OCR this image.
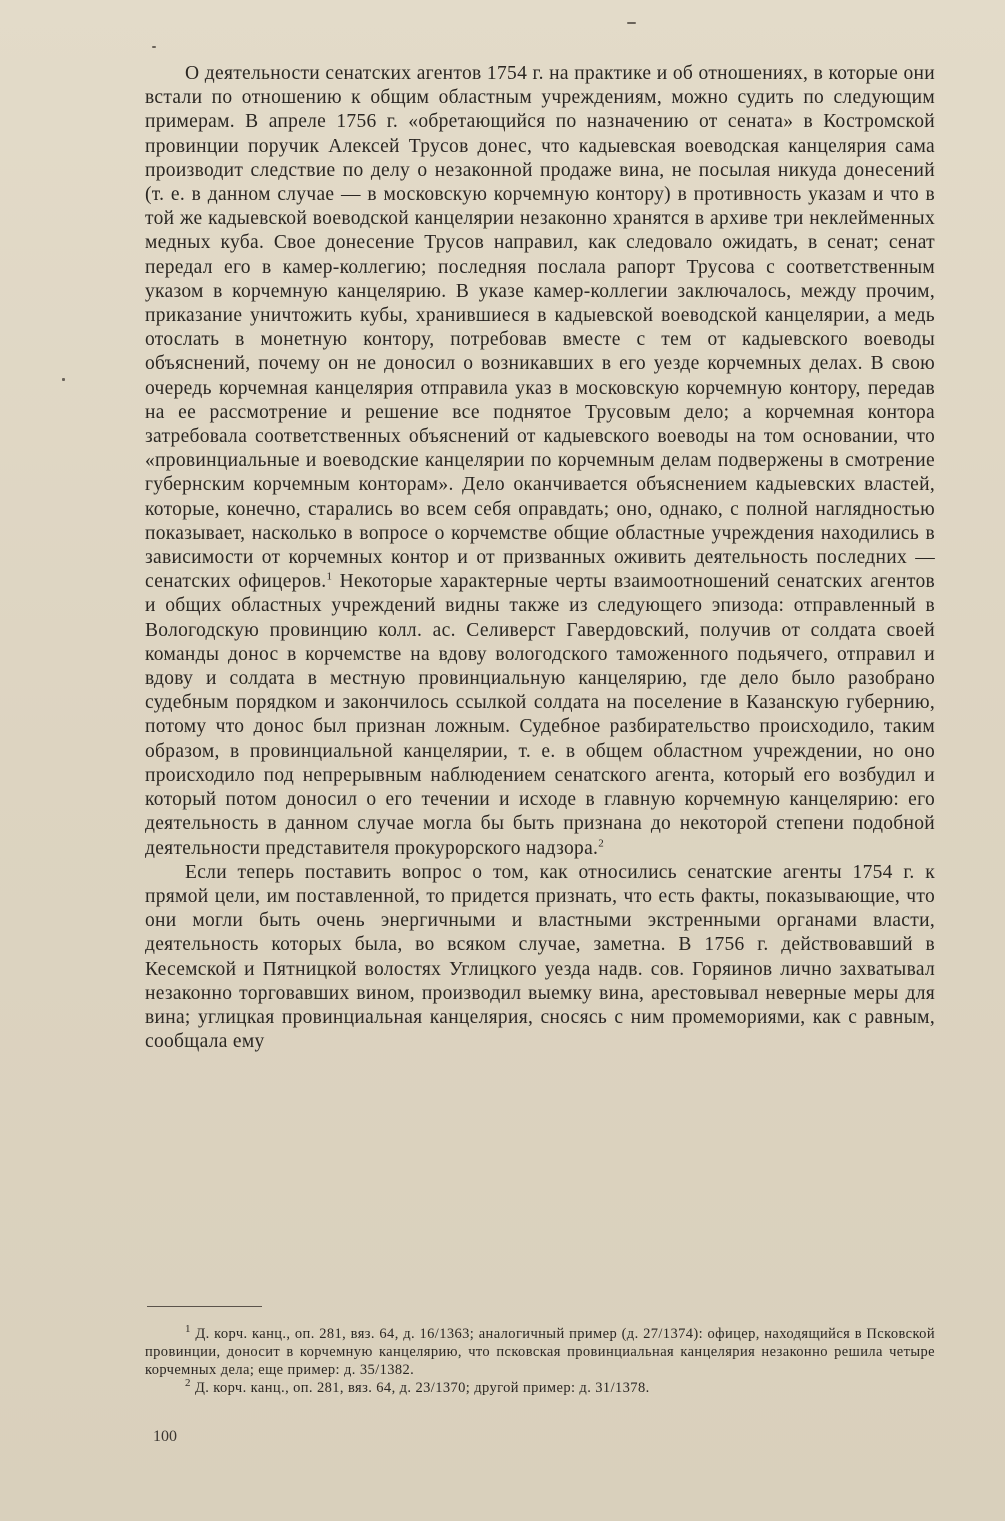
О деятельности сенатских агентов 1754 г. на практике и об отношениях, в которые они встали по отношению к общим областным учреждениям, можно судить по следующим примерам. В апреле 1756 г. «обретающийся по назначению от сената» в Костромской провинции поручик Алексей Трусов донес, что кадыевская воеводская канцелярия сама производит следствие по делу о незаконной продаже вина, не посылая никуда донесений (т. е. в данном случае — в московскую корчемную контору) в противность указам и что в той же кадыевской воеводской канцелярии незаконно хранятся в архиве три неклейменных медных куба. Свое донесение Трусов направил, как следовало ожидать, в сенат; сенат передал его в камер-коллегию; последняя послала рапорт Трусова с соответственным указом в корчемную канцелярию. В указе камер-коллегии заключалось, между прочим, приказание уничтожить кубы, хранившиеся в кадыевской воеводской канцелярии, а медь отослать в монетную контору, потребовав вместе с тем от кадыевского воеводы объяснений, почему он не доносил о возникавших в его уезде корчемных делах. В свою очередь корчемная канцелярия отправила указ в московскую корчемную контору, передав на ее рассмотрение и решение все поднятое Трусовым дело; а корчемная контора затребовала соответственных объяснений от кадыевского воеводы на том основании, что «провинциальные и воеводские канцелярии по корчемным делам подвержены в смотрение губернским корчемным конторам». Дело оканчивается объяснением кадыевских властей, которые, конечно, старались во всем себя оправдать; оно, однако, с полной наглядностью показывает, насколько в вопросе о корчемстве общие областные учреждения находились в зависимости от корчемных контор и от призванных оживить деятельность последних — сенатских офицеров.$^1$ Некоторые характерные черты взаимоотношений сенатских агентов и общих областных учреждений видны также из следующего эпизода: отправленный в Вологодскую провинцию колл. ас. Селиверст Гавердовский, получив от солдата своей команды донос в корчемстве на вдову вологодского таможенного подьячего, отправил и вдову и солдата в местную провинциальную канцелярию, где дело было разобрано судебным порядком и закончилось ссылкой солдата на поселение в Казанскую губернию, потому что донос был признан ложным. Судебное разбирательство происходило, таким образом, в провинциальной канцелярии, т. е. в общем областном учреждении, но оно происходило под непрерывным наблюдением сенатского агента, который его возбудил и который потом доносил о его течении и исходе в главную корчемную канцелярию: его деятельность в данном случае могла бы быть признана до некоторой степени подобной деятельности представителя прокурорского надзора.$^2$

Если теперь поставить вопрос о том, как относились сенатские агенты 1754 г. к прямой цели, им поставленной, то придется признать, что есть факты, показывающие, что они могли быть очень энергичными и властными экстренными органами власти, деятельность которых была, во всяком случае, заметна. В 1756 г. действовавший в Кесемской и Пятницкой волостях Углицкого уезда надв. сов. Горяинов лично захватывал незаконно торговавших вином, производил выемку вина, арестовывал неверные меры для вина; углицкая провинциальная канцелярия, сносясь с ним промемориями, как с равным, сообщала ему

$^1$ Д. корч. канц., оп. 281, вяз. 64, д. 16/1363; аналогичный пример (д. 27/1374): офицер, находящийся в Псковской провинции, доносит в корчемную канцелярию, что псковская провинциальная канцелярия незаконно решила четыре корчемных дела; еще пример: д. 35/1382.

$^2$ Д. корч. канц., оп. 281, вяз. 64, д. 23/1370; другой пример: д. 31/1378.

100
